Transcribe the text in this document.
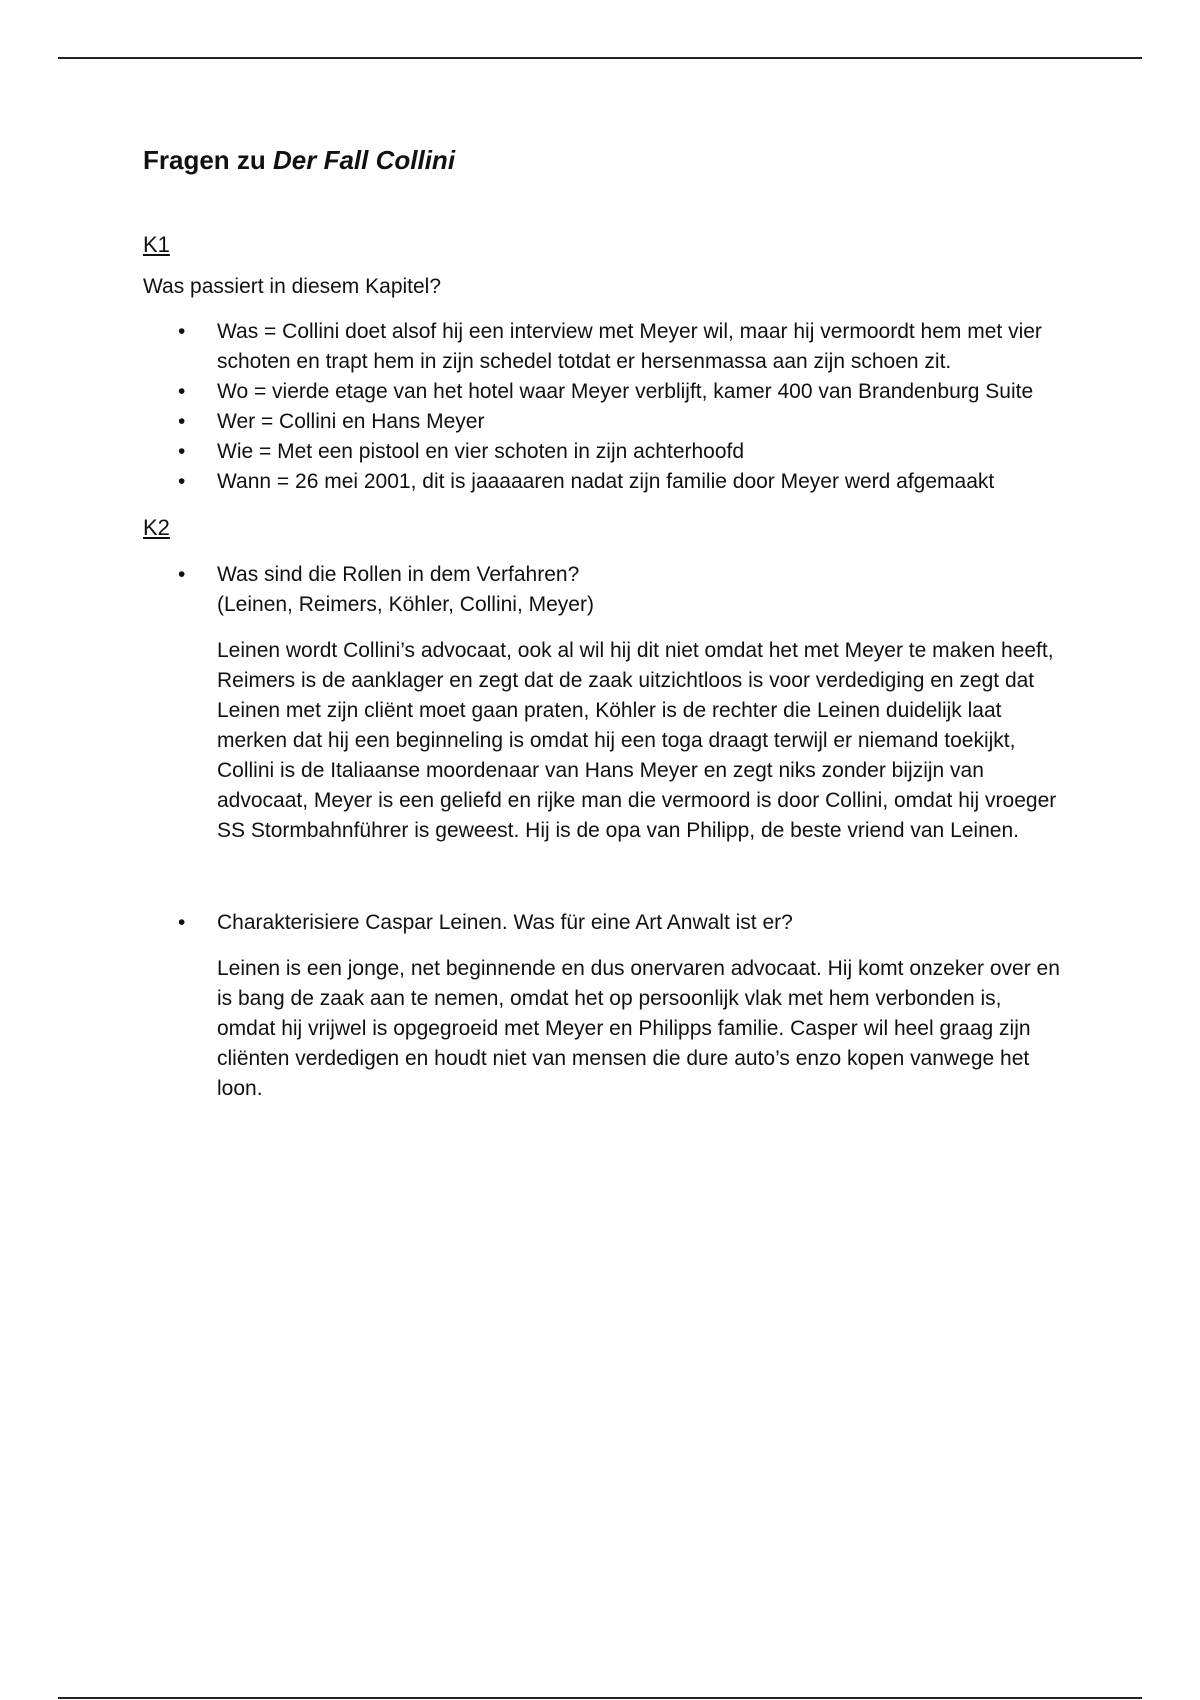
Fragen zu Der Fall Collini

K1

Was passiert in diesem Kapitel?

• Was = Collini doet alsof hij een interview met Meyer wil, maar hij vermoordt hem met vier schoten en trapt hem in zijn schedel totdat er hersenmassa aan zijn schoen zit.
• Wo = vierde etage van het hotel waar Meyer verblijft, kamer 400 van Brandenburg Suite
• Wer = Collini en Hans Meyer
• Wie = Met een pistool en vier schoten in zijn achterhoofd
• Wann = 26 mei 2001, dit is jaaaaaren nadat zijn familie door Meyer werd afgemaakt

K2

• Was sind die Rollen in dem Verfahren?
(Leinen, Reimers, Köhler, Collini, Meyer)

Leinen wordt Collini’s advocaat, ook al wil hij dit niet omdat het met Meyer te maken heeft, Reimers is de aanklager en zegt dat de zaak uitzichtloos is voor verdediging en zegt dat Leinen met zijn cliënt moet gaan praten, Köhler is de rechter die Leinen duidelijk laat merken dat hij een beginneling is omdat hij een toga draagt terwijl er niemand toekijkt, Collini is de Italiaanse moordenaar van Hans Meyer en zegt niks zonder bijzijn van advocaat, Meyer is een geliefd en rijke man die vermoord is door Collini, omdat hij vroeger SS Stormbahnführer is geweest. Hij is de opa van Philipp, de beste vriend van Leinen.

• Charakterisiere Caspar Leinen. Was für eine Art Anwalt ist er?

Leinen is een jonge, net beginnende en dus onervaren advocaat. Hij komt onzeker over en is bang de zaak aan te nemen, omdat het op persoonlijk vlak met hem verbonden is, omdat hij vrijwel is opgegroeid met Meyer en Philipps familie. Casper wil heel graag zijn cliënten verdedigen en houdt niet van mensen die dure auto’s enzo kopen vanwege het loon.
